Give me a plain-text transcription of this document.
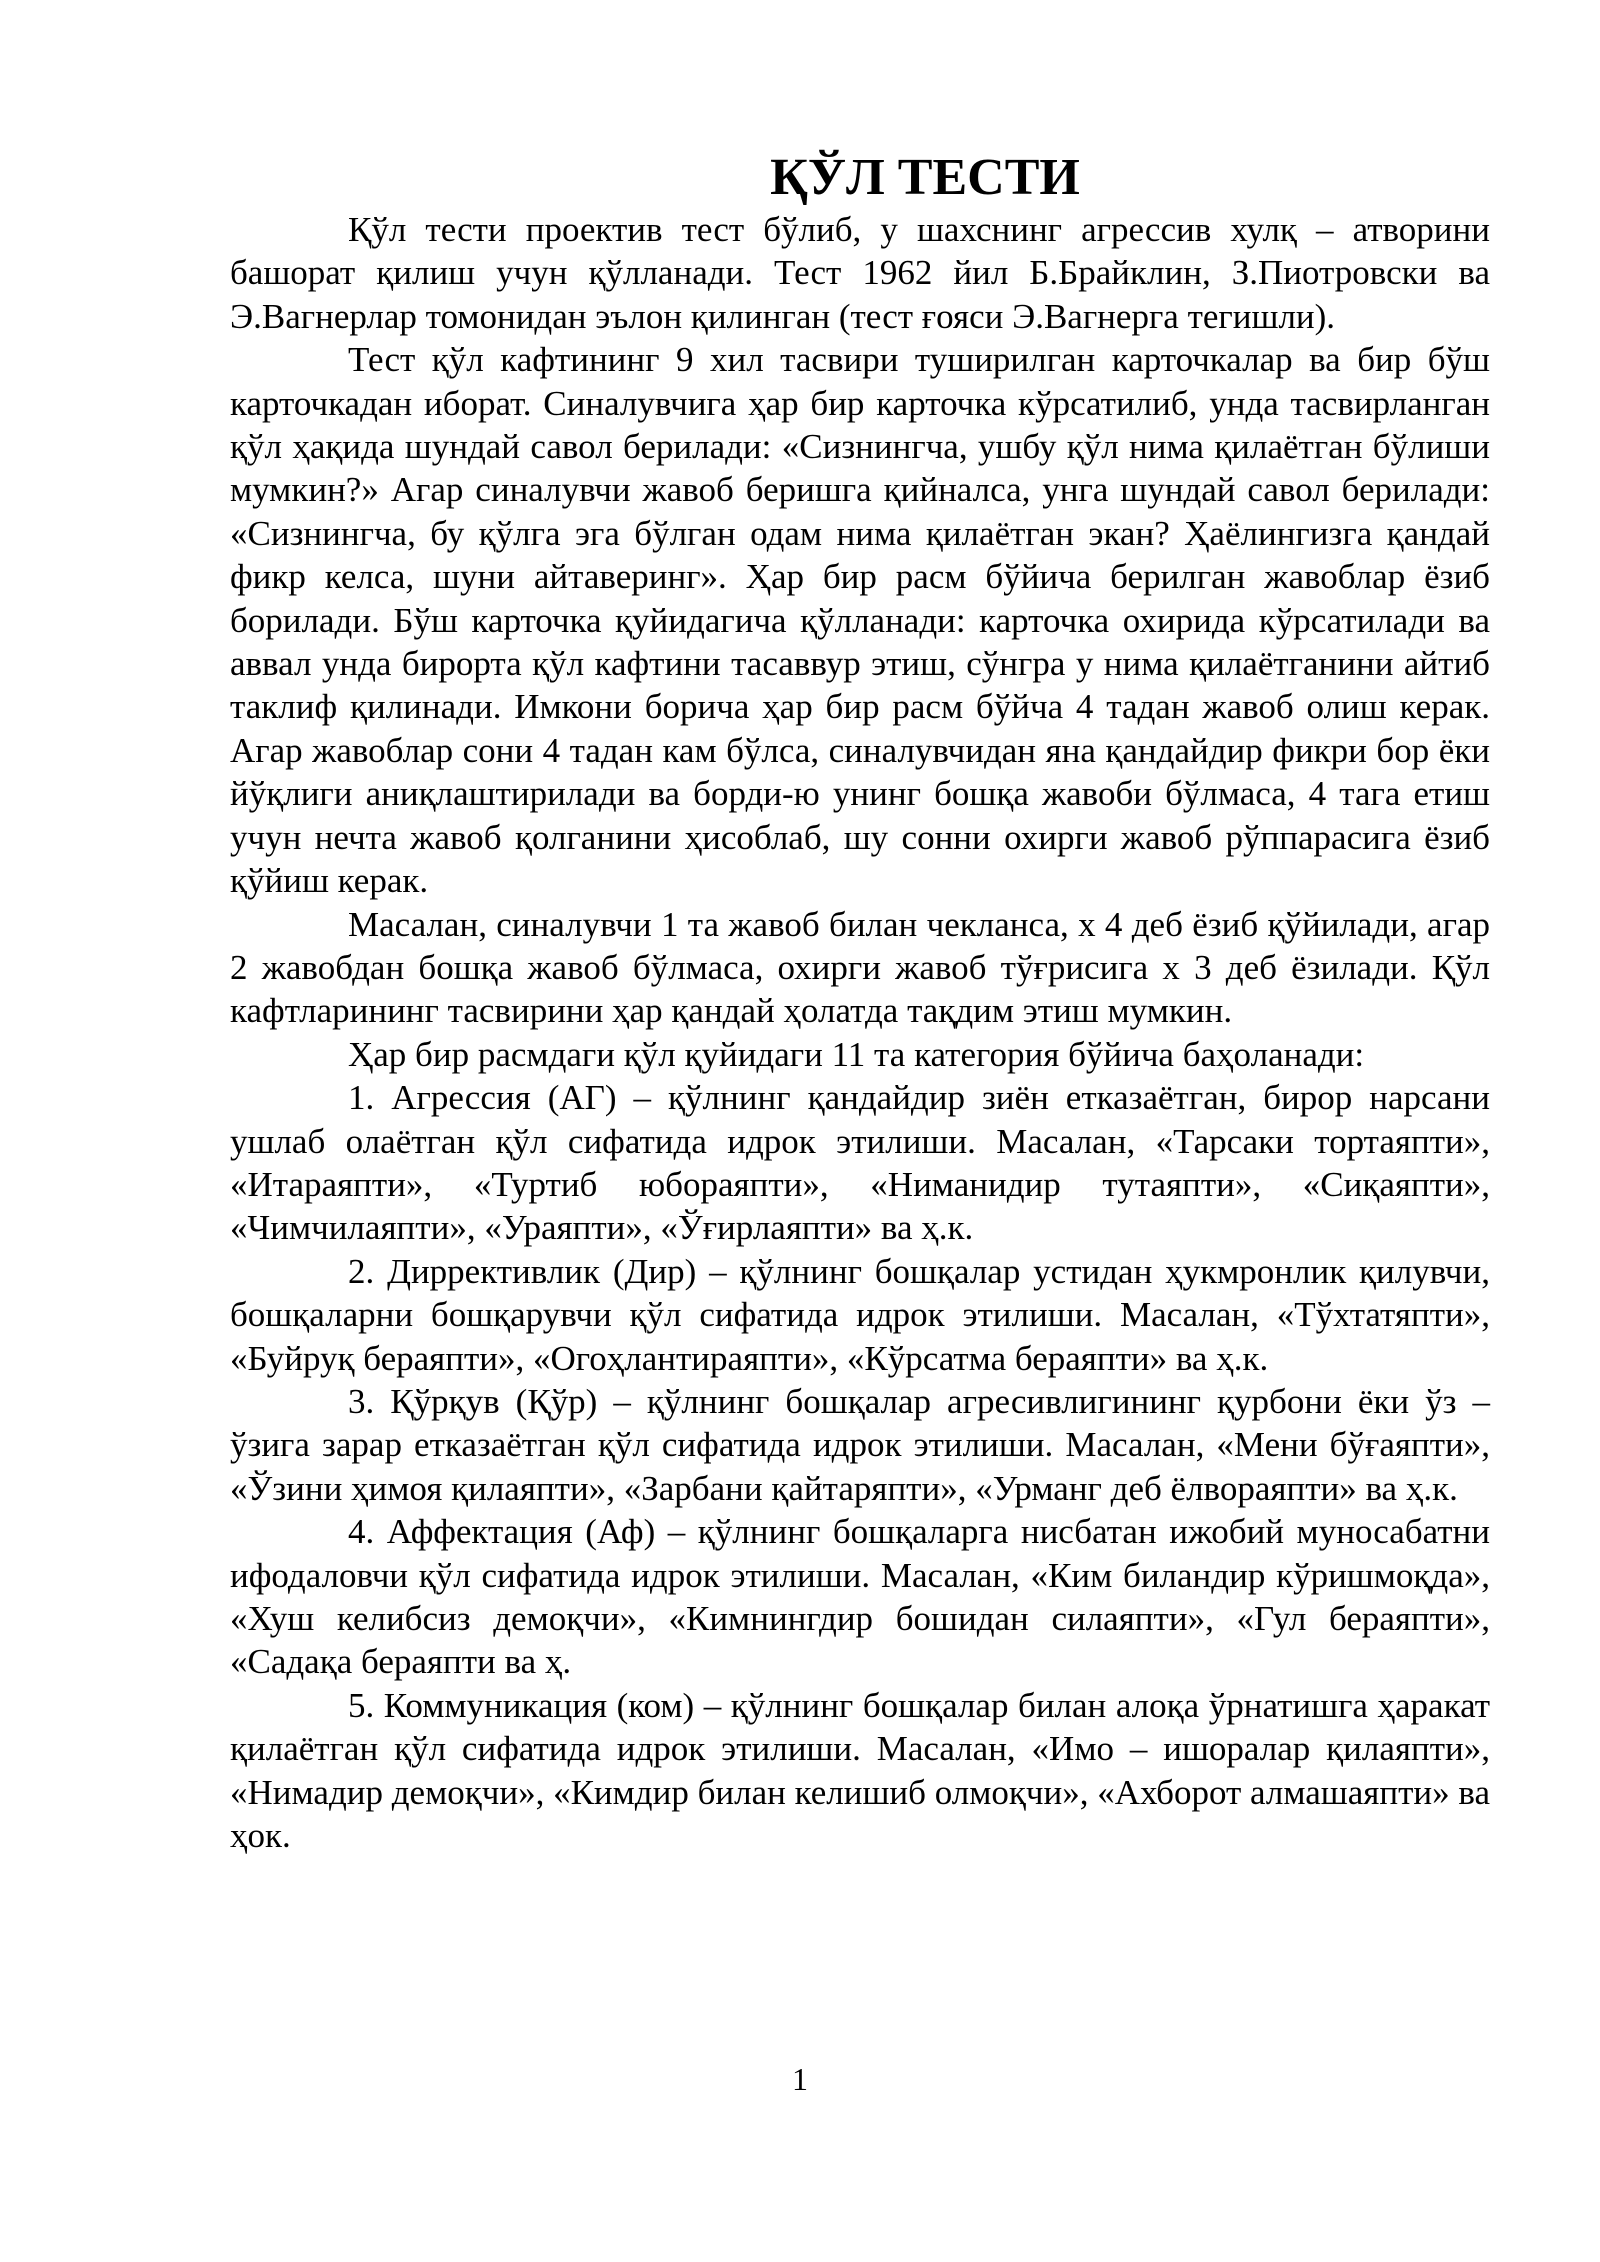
ҚЎЛ ТЕСТИ

Қўл тести проектив тест бўлиб, у шахснинг агрессив хулқ – атворини башорат қилиш учун қўлланади. Тест 1962 йил Б.Брайклин, З.Пиотровски ва Э.Вагнерлар томонидан эълон қилинган (тест ғояси Э.Вагнерга тегишли).

Тест қўл кафтининг 9 хил тасвири туширилган карточкалар ва бир бўш карточкадан иборат. Синалувчига ҳар бир карточка кўрсатилиб, унда тасвирланган қўл ҳақида шундай савол берилади: «Сизнингча, ушбу қўл нима қилаётган бўлиши мумкин?» Агар синалувчи жавоб беришга қийналса, унга шундай савол берилади: «Сизнингча, бу қўлга эга бўлган одам нима қилаётган экан? Ҳаёлингизга қандай фикр келса, шуни айтаверинг». Ҳар бир расм бўйича берилган жавоблар ёзиб борилади. Бўш карточка қуйидагича қўлланади: карточка охирида кўрсатилади ва аввал унда бирорта қўл кафтини тасаввур этиш, сўнгра у нима қилаётганини айтиб таклиф қилинади. Имкони борича ҳар бир расм бўйча 4 тадан жавоб олиш керак. Агар жавоблар сони 4 тадан кам бўлса, синалувчидан яна қандайдир фикри бор ёки йўқлиги аниқлаштирилади ва борди-ю унинг бошқа жавоби бўлмаса, 4 тага етиш учун нечта жавоб қолганини ҳисоблаб, шу сонни охирги жавоб рўппарасига ёзиб қўйиш керак.

Масалан, синалувчи 1 та жавоб билан чекланса, х 4 деб ёзиб қўйилади, агар 2 жавобдан бошқа жавоб бўлмаса, охирги жавоб тўғрисига х 3 деб ёзилади. Қўл кафтларининг тасвирини ҳар қандай ҳолатда тақдим этиш мумкин.

Ҳар бир расмдаги қўл қуйидаги 11 та категория бўйича баҳоланади:

1. Агрессия (АГ) – қўлнинг қандайдир зиён етказаётган, бирор нарсани ушлаб олаётган қўл сифатида идрок этилиши. Масалан, «Тарсаки тортаяпти», «Итараяпти», «Туртиб юбораяпти», «Ниманидир тутаяпти», «Сиқаяпти», «Чимчилаяпти», «Ураяпти», «Ўғирлаяпти» ва ҳ.к.

2. Диррективлик (Дир) – қўлнинг бошқалар устидан ҳукмронлик қилувчи, бошқаларни бошқарувчи қўл сифатида идрок этилиши. Масалан, «Тўхтатяпти», «Буйруқ бераяпти», «Огоҳлантираяпти», «Кўрсатма бераяпти» ва ҳ.к.

3. Қўрқув (Қўр) – қўлнинг бошқалар агресивлигининг қурбони ёки ўз – ўзига зарар етказаётган қўл сифатида идрок этилиши. Масалан, «Мени бўғаяпти», «Ўзини ҳимоя қилаяпти», «Зарбани қайтаряпти», «Урманг деб ёлвораяпти» ва ҳ.к.

4. Аффектация (Аф) – қўлнинг бошқаларга нисбатан ижобий муносабатни ифодаловчи қўл сифатида идрок этилиши. Масалан, «Ким биландир кўришмоқда», «Хуш келибсиз демоқчи», «Кимнингдир бошидан силаяпти», «Гул бераяпти», «Садақа бераяпти ва ҳ.

5. Коммуникация (ком) – қўлнинг бошқалар билан алоқа ўрнатишга ҳаракат қилаётган қўл сифатида идрок этилиши. Масалан, «Имо – ишоралар қилаяпти», «Нимадир демоқчи», «Кимдир билан келишиб олмоқчи», «Ахборот алмашаяпти» ва ҳок.

1
